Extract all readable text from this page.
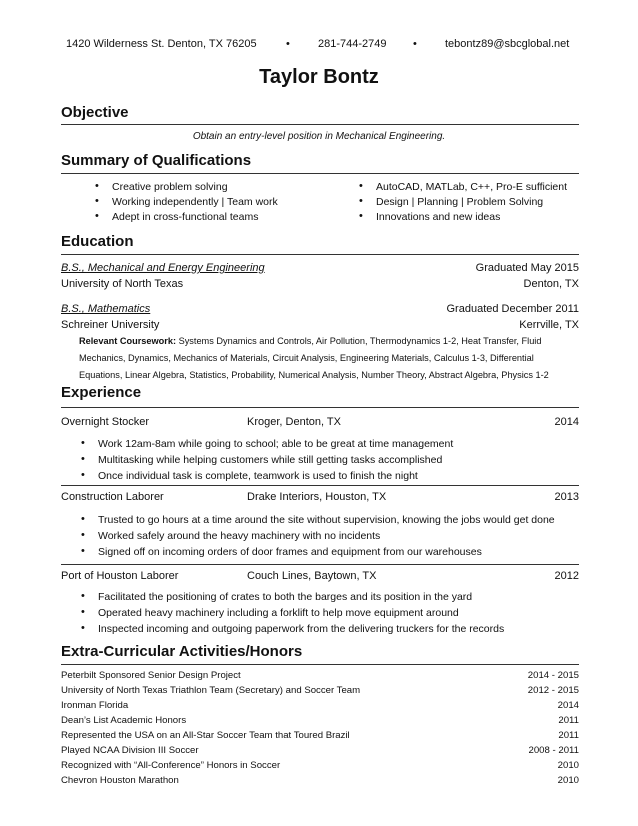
1420 Wilderness St. Denton, TX 76205	•	281-744-2749 •	tebontz89@sbcglobal.net
Taylor Bontz
Objective
Obtain an entry-level position in Mechanical Engineering.
Summary of Qualifications
• Creative problem solving
• Working independently | Team work
• Adept in cross-functional teams
• AutoCAD, MATLab, C++, Pro-E sufficient
• Design | Planning | Problem Solving
• Innovations and new ideas
Education
B.S., Mechanical and Energy Engineering	Graduated May 2015
University of North Texas	Denton, TX
B.S., Mathematics	Graduated December 2011
Schreiner University	Kerrville, TX
Relevant Coursework: Systems Dynamics and Controls, Air Pollution, Thermodynamics 1-2, Heat Transfer, Fluid Mechanics, Dynamics, Mechanics of Materials, Circuit Analysis, Engineering Materials, Calculus 1-3, Differential Equations, Linear Algebra, Statistics, Probability, Numerical Analysis, Number Theory, Abstract Algebra, Physics 1-2
Experience
Overnight Stocker	Kroger, Denton, TX	2014
• Work 12am-8am while going to school; able to be great at time management
• Multitasking while helping customers while still getting tasks accomplished
• Once individual task is complete, teamwork is used to finish the night
Construction Laborer	Drake Interiors, Houston, TX	2013
• Trusted to go hours at a time around the site without supervision, knowing the jobs would get done
• Worked safely around the heavy machinery with no incidents
• Signed off on incoming orders of door frames and equipment from our warehouses
Port of Houston Laborer	Couch Lines, Baytown, TX	2012
• Facilitated the positioning of crates to both the barges and its position in the yard
• Operated heavy machinery including a forklift to help move equipment around
• Inspected incoming and outgoing paperwork from the delivering truckers for the records
Extra-Curricular Activities/Honors
Peterbilt Sponsored Senior Design Project	2014 - 2015
University of North Texas Triathlon Team (Secretary) and Soccer Team	2012 - 2015
Ironman Florida	2014
Dean’s List Academic Honors	2011
Represented the USA on an All-Star Soccer Team that Toured Brazil	2011
Played NCAA Division III Soccer	2008 - 2011
Recognized with “All-Conference” Honors in Soccer	2010
Chevron Houston Marathon	2010
